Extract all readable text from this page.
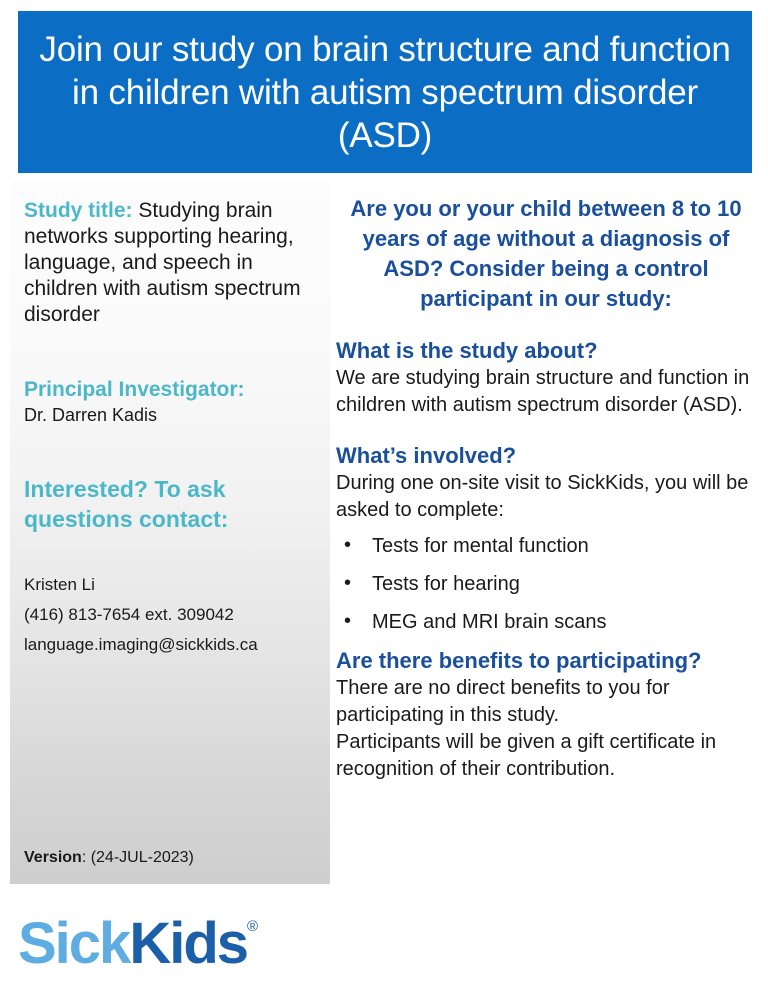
Join our study on brain structure and function in children with autism spectrum disorder (ASD)

Study title: Studying brain networks supporting hearing, language, and speech in children with autism spectrum disorder

Principal Investigator:

Dr. Darren Kadis

Interested? To ask questions contact:

Kristen Li
(416) 813-7654 ext. 309042
language.imaging@sickkids.ca
Version: (24-JUL-2023)

Are you or your child between 8 to 10 years of age without a diagnosis of ASD? Consider being a control participant in our study:

What is the study about?

We are studying brain structure and function in children with autism spectrum disorder (ASD).

What’s involved?

During one on-site visit to SickKids, you will be asked to complete:

• Tests for mental function
• Tests for hearing
• MEG and MRI brain scans
Are there benefits to participating?

There are no direct benefits to you for participating in this study.

Participants will be given a gift certificate in recognition of their contribution.

SickKids®
